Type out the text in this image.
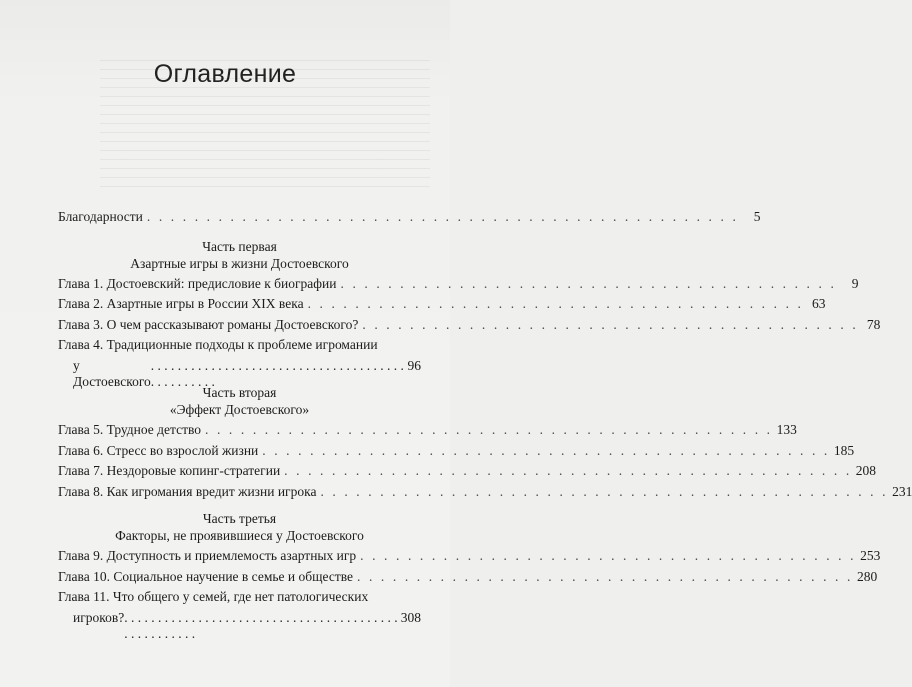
Оглавление
Благодарности . . . . . . . . . . . . . . . . . . . . . . . . . . . . . . . . . . . . . . . . . . . . . . . . . .	5

Часть первая

Азартные игры в жизни Достоевского

Глава 1. Достоевский: предисловие к биографии . . . . . . . . . . . . . . . . . . . . . . . . . . . . . . . . . . . . . . . . . .	9
Глава 2. Азартные игры в России XIX века . . . . . . . . . . . . . . . . . . . . . . . . . . . . . . . . . . . . . . . . . . 63
Глава 3. О чем рассказывают романы Достоевского? . . . . . . . . . . . . . . . . . . . . . . . . . . . . . . . . . . . . . . . . . . 78
Глава 4. Традиционные подходы к проблеме игромании
у Достоевского
. . . . . . . . . . . . . . . . . . . . . . . . . . . . . . . . . . . . . . . . . . . . . . . .
96

Часть вторая

«Эффект Достоевского»

Глава 5. Трудное детство . . . . . . . . . . . . . . . . . . . . . . . . . . . . . . . . . . . . . . . . . . . . . . . . 133
Глава 6. Стресс во взрослой жизни . . . . . . . . . . . . . . . . . . . . . . . . . . . . . . . . . . . . . . . . . . . . . . . . 185
Глава 7. Нездоровые копинг-стратегии . . . . . . . . . . . . . . . . . . . . . . . . . . . . . . . . . . . . . . . . . . . . . . . . 208
Глава 8. Как игромания вредит жизни игрока . . . . . . . . . . . . . . . . . . . . . . . . . . . . . . . . . . . . . . . . . . . . . . . . 231

Часть третья

Факторы, не проявившиеся у Достоевского

Глава 9. Доступность и приемлемость азартных игр . . . . . . . . . . . . . . . . . . . . . . . . . . . . . . . . . . . . . . . . . . 253
Глава 10. Социальное научение в семье и обществе . . . . . . . . . . . . . . . . . . . . . . . . . . . . . . . . . . . . . . . . . . 280
Глава 11. Что общего у семей, где нет патологических
игроков? . . . . . . . . . . . . . . . . . . . . . . . . . . . . . . . . . . . . . . . . . . . . . . . . . . . .
308
